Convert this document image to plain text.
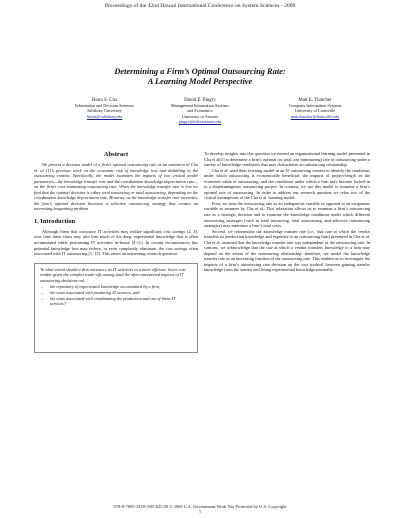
Proceedings of the 42nd Hawaii International Conference on System Sciences - 2009
Determining a Firm’s Optimal Outsourcing Rate:
A Learning Model Perspective
Hoon S. Cha
Information and Decision Sciences
Salisbury University
hscha@salisbury.edu
David E. Pingry
Management Information Systems
and Economics
University of Arizona
pingry@eller.arizona.edu
Matt E. Thatcher
Computer Information Systems
University of Louisville
matt.thatcher@louisville.edu
Abstract

We present a decision model of a firm’s optimal outsourcing rate as an extension of Cha et. al [1]’s previous work on the economic risk of knowledge loss and deskilling in the outsourcing context. Specifically, the model examines the impacts of two critical model parameters—the knowledge transfer rate and the coordination knowledge depreciation rate—on the firm’s cost minimizing outsourcing rate. When the knowledge transfer rate is low we find that the optimal decision is either total insourcing or total outsourcing, depending on the coordination knowledge depreciation rate. However, as the knowledge transfer rate increases, the firm’s optimal decision becomes a selective outsourcing strategy that creates an interesting bargaining problem.

1. Introduction

Although firms that outsource IT activities may realize significant cost savings [2, 3], over time these firms may also lose much of the deep, experiential knowledge that is often accumulated while performing IT activities in-house [4-11]. In certain circumstances this potential knowledge loss may reduce, or even completely eliminate, the cost savings often associated with IT outsourcing [1, 12]. This raises an interesting research question:

To what extent should a firm outsource its IT activities to a more efficient, lower cost vendor given the complex trade-offs among (and the often unexpected impacts of IT outsourcing decisions on):

– the repository of experiential knowledge accumulated by a firm,
– the costs associated with producing IT services, and
– the costs associated with coordinating the production and use of these IT services?

To develop insights into this question we extend an organizational learning model presented in Cha et al[1] to determine a firm’s optimal (or total cost minimizing) rate of outsourcing under a variety of knowledge conditions that may characterize an outsourcing relationship.

Cha et al. used their learning model in an IT outsourcing context to identify the conditions under which outsourcing is economically beneficial, the impacts of project-length on the economic value of outsourcing, and the conditions under which a firm may become locked-in to a disadvantageous outsourcing project. In contrast, we use this model to examine a firm’s optimal rate of outsourcing. In order to address our research question we relax two of the critical assumptions of the Cha et al. learning model.

First, we treat the outsourcing rate as an endogenous variable as opposed to an exogenous variable as assumes by Cha et al.. This relaxation allows us to examine a firm’s outsourcing rate as a strategic decision and to examine the knowledge conditions under which different outsourcing strategies (such as total insourcing, total outsourcing, and selective outsourcing strategies) may minimize a firm’s total costs.

Second, we reformulate the knowledge transfer rate (i.e., that rate at which the vendor transfers its production knowledge and expertise to an outsourcing firm) presented in Cha et al. Cha et al. assumed that the knowledge transfer rate was independent of the outsourcing rate. In contrast, we acknowledge that the rate at which a vendor transfers knowledge to a firm may depend on the extent of the outsourcing relationship; therefore, we model the knowledge transfer rate as an increasing function of the outsourcing rate. This enables us to investigate the impacts of a firm’s outsourcing rate decision on the cost tradeoff between gaining transfer knowledge from the vendor and losing experimental knowledge internally.

978-0-7695-3450-3/09 $25.00 © 2009 U.S. Government Work Not Protected by U.S. Copyright
1
